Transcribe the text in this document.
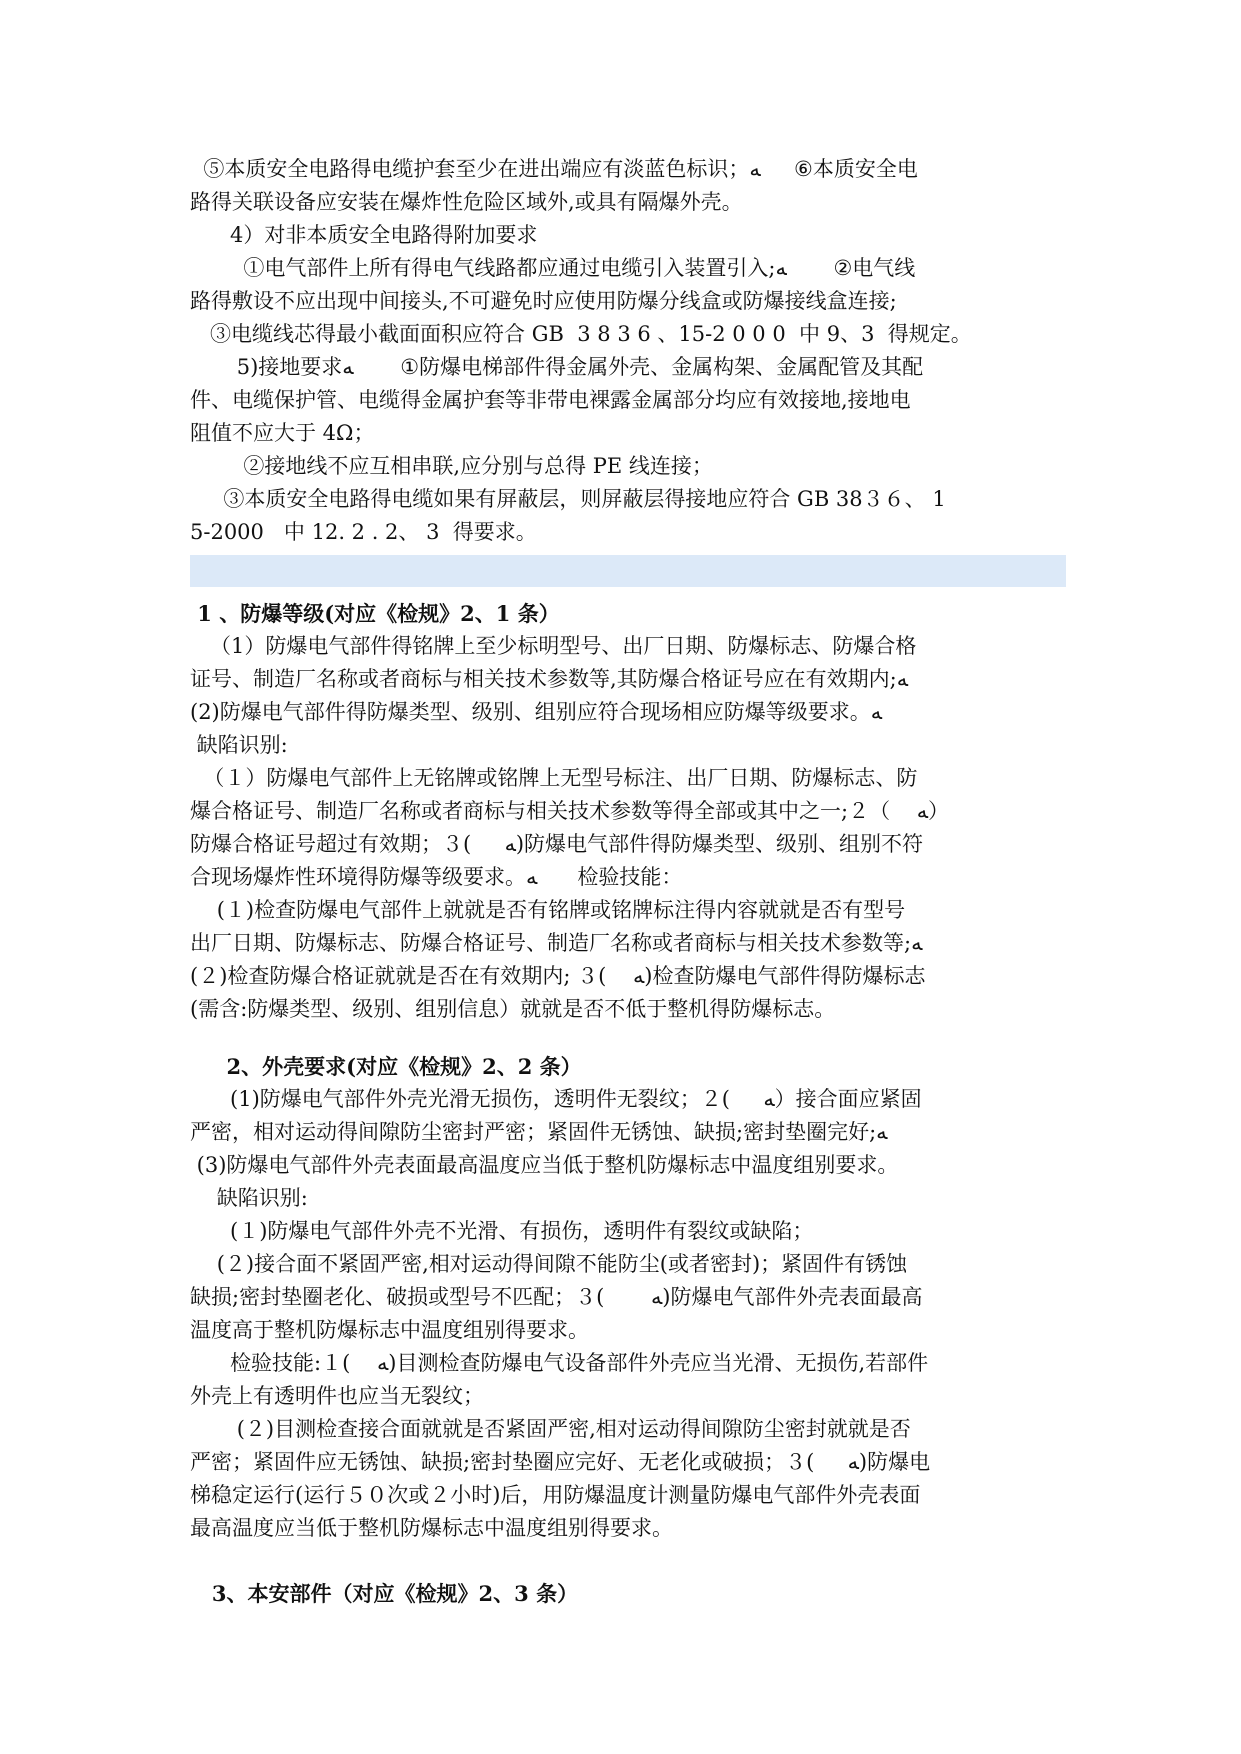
⑤本质安全电路得电缆护套至少在进出端应有淡蓝色标识；ﻪ     ⑥本质安全电

路得关联设备应安装在爆炸性危险区域外,或具有隔爆外壳。

4）对非本质安全电路得附加要求

①电气部件上所有得电气线路都应通过电缆引入装置引入;ﻪ       ②电气线

路得敷设不应出现中间接头,不可避免时应使用防爆分线盒或防爆接线盒连接;

③电缆线芯得最小截面面积应符合 GB  3 8 3 6 、15-2 0 0 0  中 9、3  得规定。

5)接地要求ﻪ       ①防爆电梯部件得金属外壳、金属构架、金属配管及其配

件、电缆保护管、电缆得金属护套等非带电裸露金属部分均应有效接地,接地电

阻值不应大于 4Ω；

②接地线不应互相串联,应分别与总得 PE 线连接；

③本质安全电路得电缆如果有屏蔽层，则屏蔽层得接地应符合 GB 38３６、 1

5-2000   中 12. 2 . 2、 3  得要求。

1 、防爆等级(对应《检规》2、1 条）

（1）防爆电气部件得铭牌上至少标明型号、出厂日期、防爆标志、防爆合格

证号、制造厂名称或者商标与相关技术参数等,其防爆合格证号应在有效期内;ﻪ

(2)防爆电气部件得防爆类型、级别、组别应符合现场相应防爆等级要求。ﻪ

缺陷识别:

（１）防爆电气部件上无铭牌或铭牌上无型号标注、出厂日期、防爆标志、防

爆合格证号、制造厂名称或者商标与相关技术参数等得全部或其中之一;２（    ﻪ）

防爆合格证号超过有效期；３(     ﻪ)防爆电气部件得防爆类型、级别、组别不符

合现场爆炸性环境得防爆等级要求。ﻪ      检验技能：

(１)检查防爆电气部件上就就是否有铭牌或铭牌标注得内容就就是否有型号

出厂日期、防爆标志、防爆合格证号、制造厂名称或者商标与相关技术参数等;ﻪ

(２)检查防爆合格证就就是否在有效期内; ３(    ﻪ)检查防爆电气部件得防爆标志

(需含:防爆类型、级别、组别信息）就就是否不低于整机得防爆标志。

2、外壳要求(对应《检规》2、2 条）

(1)防爆电气部件外壳光滑无损伤，透明件无裂纹；２(     ﻪ）接合面应紧固

严密，相对运动得间隙防尘密封严密；紧固件无锈蚀、缺损;密封垫圈完好;ﻪ

(3)防爆电气部件外壳表面最高温度应当低于整机防爆标志中温度组别要求。

缺陷识别:

(１)防爆电气部件外壳不光滑、有损伤，透明件有裂纹或缺陷；

(２)接合面不紧固严密,相对运动得间隙不能防尘(或者密封)；紧固件有锈蚀

缺损;密封垫圈老化、破损或型号不匹配；３(       ﻪ)防爆电气部件外壳表面最高

温度高于整机防爆标志中温度组别得要求。

检验技能:１(    ﻪ)目测检查防爆电气设备部件外壳应当光滑、无损伤,若部件

外壳上有透明件也应当无裂纹；

(２)目测检查接合面就就是否紧固严密,相对运动得间隙防尘密封就就是否

严密；紧固件应无锈蚀、缺损;密封垫圈应完好、无老化或破损；３(     ﻪ)防爆电

梯稳定运行(运行５０次或２小时)后，用防爆温度计测量防爆电气部件外壳表面

最高温度应当低于整机防爆标志中温度组别得要求。

3、本安部件（对应《检规》2、3 条）
